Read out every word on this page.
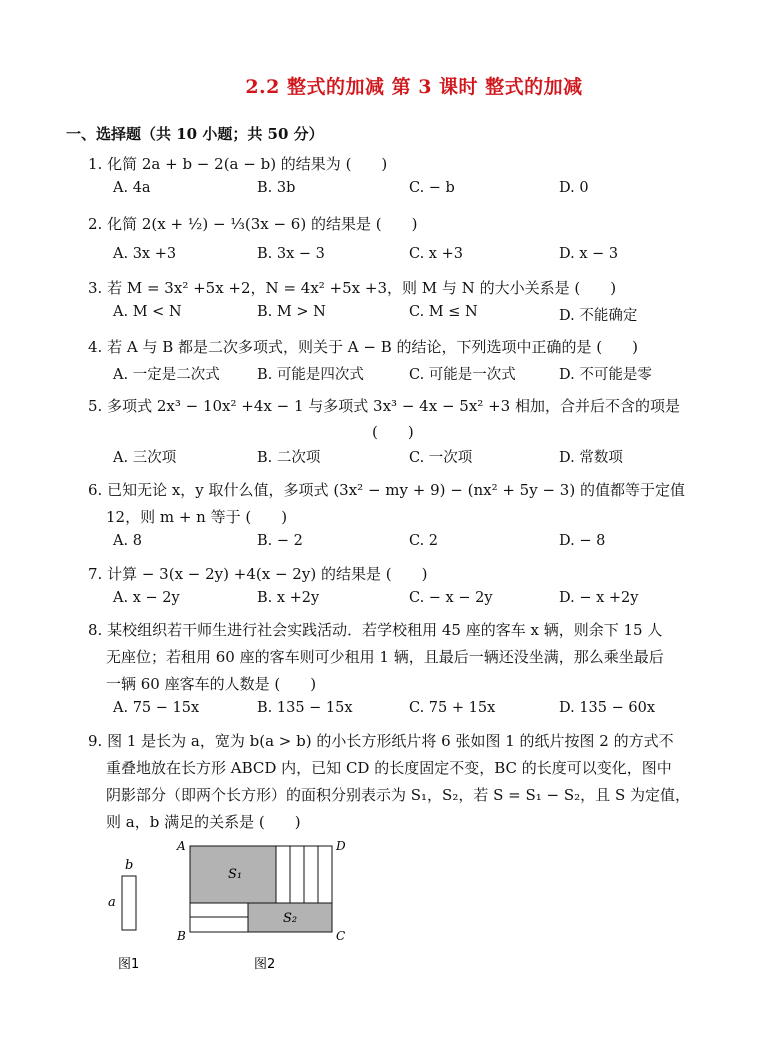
2.2 整式的加减 第 3 课时 整式的加减
一、选择题（共 10 小题；共 50 分）
1. 化简 2a + b − 2(a − b) 的结果为 (　　)
A. 4a	B. 3b	C. − b	D. 0
2. 化简 2(x + ½) − ⅓(3x − 6) 的结果是 (　　)
A. 3x +3	B. 3x − 3	C. x +3	D. x − 3
3. 若 M = 3x² +5x +2，N = 4x² +5x +3，则 M 与 N 的大小关系是 (　　)
A. M < N	B. M > N	C. M ≤ N	D. 不能确定
4. 若 A 与 B 都是二次多项式，则关于 A − B 的结论，下列选项中正确的是 (　　)
A. 一定是二次式	B. 可能是四次式	C. 可能是一次式	D. 不可能是零
5. 多项式 2x³ − 10x² +4x − 1 与多项式 3x³ − 4x − 5x² +3 相加，合并后不含的项是
(　　)
A. 三次项	B. 二次项	C. 一次项	D. 常数项
6. 已知无论 x，y 取什么值，多项式 (3x² − my + 9) − (nx² + 5y − 3) 的值都等于定值
12，则 m + n 等于 (　　)
A. 8	B. − 2	C. 2	D. − 8
7. 计算 − 3(x − 2y) +4(x − 2y) 的结果是 (　　)
A. x − 2y	B. x +2y	C. − x − 2y	D. − x +2y
8. 某校组织若干师生进行社会实践活动．若学校租用 45 座的客车 x 辆，则余下 15 人
无座位；若租用 60 座的客车则可少租用 1 辆，且最后一辆还没坐满，那么乘坐最后
一辆 60 座客车的人数是 (　　)
A. 75 − 15x	B. 135 − 15x	C. 75 + 15x	D. 135 − 60x
9. 图 1 是长为 a，宽为 b(a > b) 的小长方形纸片将 6 张如图 1 的纸片按图 2 的方式不
重叠地放在长方形 ABCD 内，已知 CD 的长度固定不变，BC 的长度可以变化，图中
阴影部分（即两个长方形）的面积分别表示为 S₁，S₂，若 S = S₁ − S₂，且 S 为定值，
则 a，b 满足的关系是 (　　)
b
a
A	D
B	C
S₁
S₂
图1	图2
